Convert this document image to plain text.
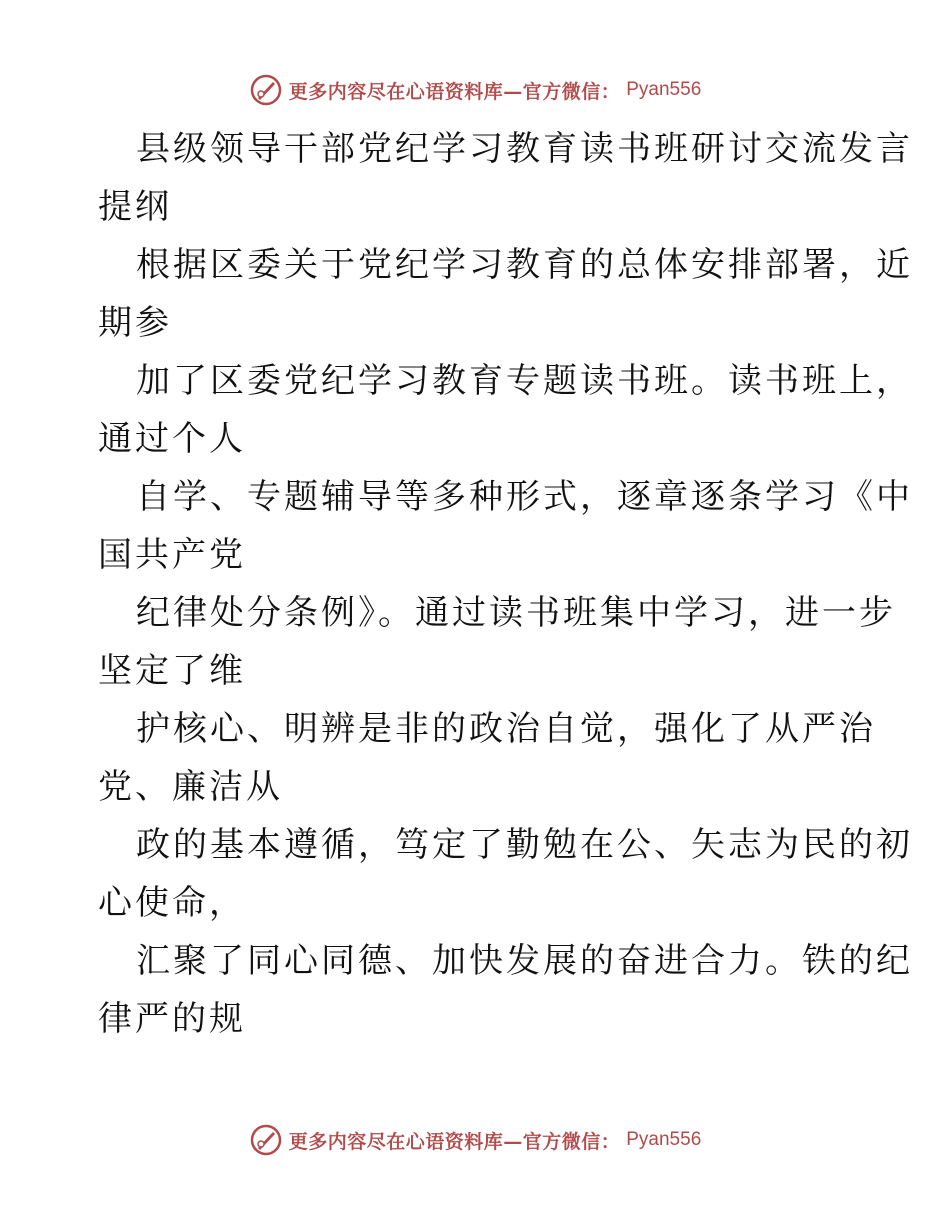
更多内容尽在心语资料库—官方微信： Pyan556
县级领导干部党纪学习教育读书班研讨交流发言
提纲
根据区委关于党纪学习教育的总体安排部署，近
期参
加了区委党纪学习教育专题读书班。读书班上，
通过个人
自学、专题辅导等多种形式，逐章逐条学习《中
国共产党
纪律处分条例》。通过读书班集中学习，进一步
坚定了维
护核心、明辨是非的政治自觉，强化了从严治
党、廉洁从
政的基本遵循，笃定了勤勉在公、矢志为民的初
心使命，
汇聚了同心同德、加快发展的奋进合力。铁的纪
律严的规
更多内容尽在心语资料库—官方微信： Pyan556
